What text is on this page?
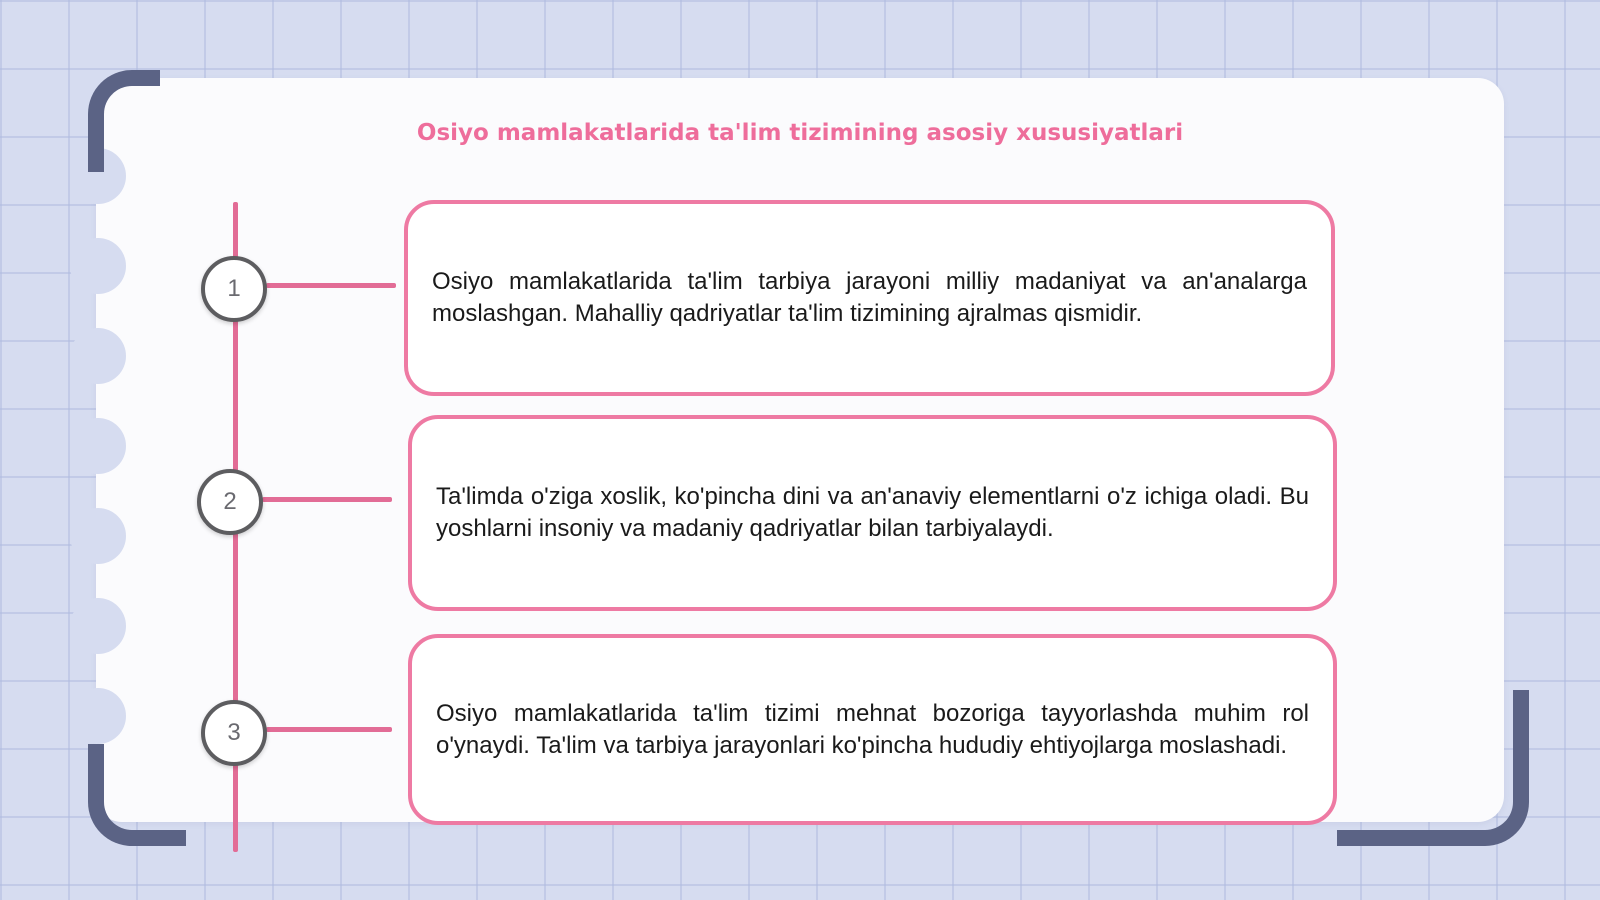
Osiyo mamlakatlarida ta'lim tizimining asosiy xususiyatlari
1	Osiyo mamlakatlarida ta'lim tarbiya jarayoni milliy madaniyat va an'analarga moslashgan. Mahalliy qadriyatlar ta'lim tizimining ajralmas qismidir.

2	Ta'limda o'ziga xoslik, ko'pincha dini va an'anaviy elementlarni o'z ichiga oladi. Bu yoshlarni insoniy va madaniy qadriyatlar bilan tarbiyalaydi.

3

Osiyo mamlakatlarida ta'lim tizimi mehnat bozoriga tayyorlashda muhim rol o'ynaydi. Ta'lim va tarbiya jarayonlari ko'pincha hududiy ehtiyojlarga moslashadi.
